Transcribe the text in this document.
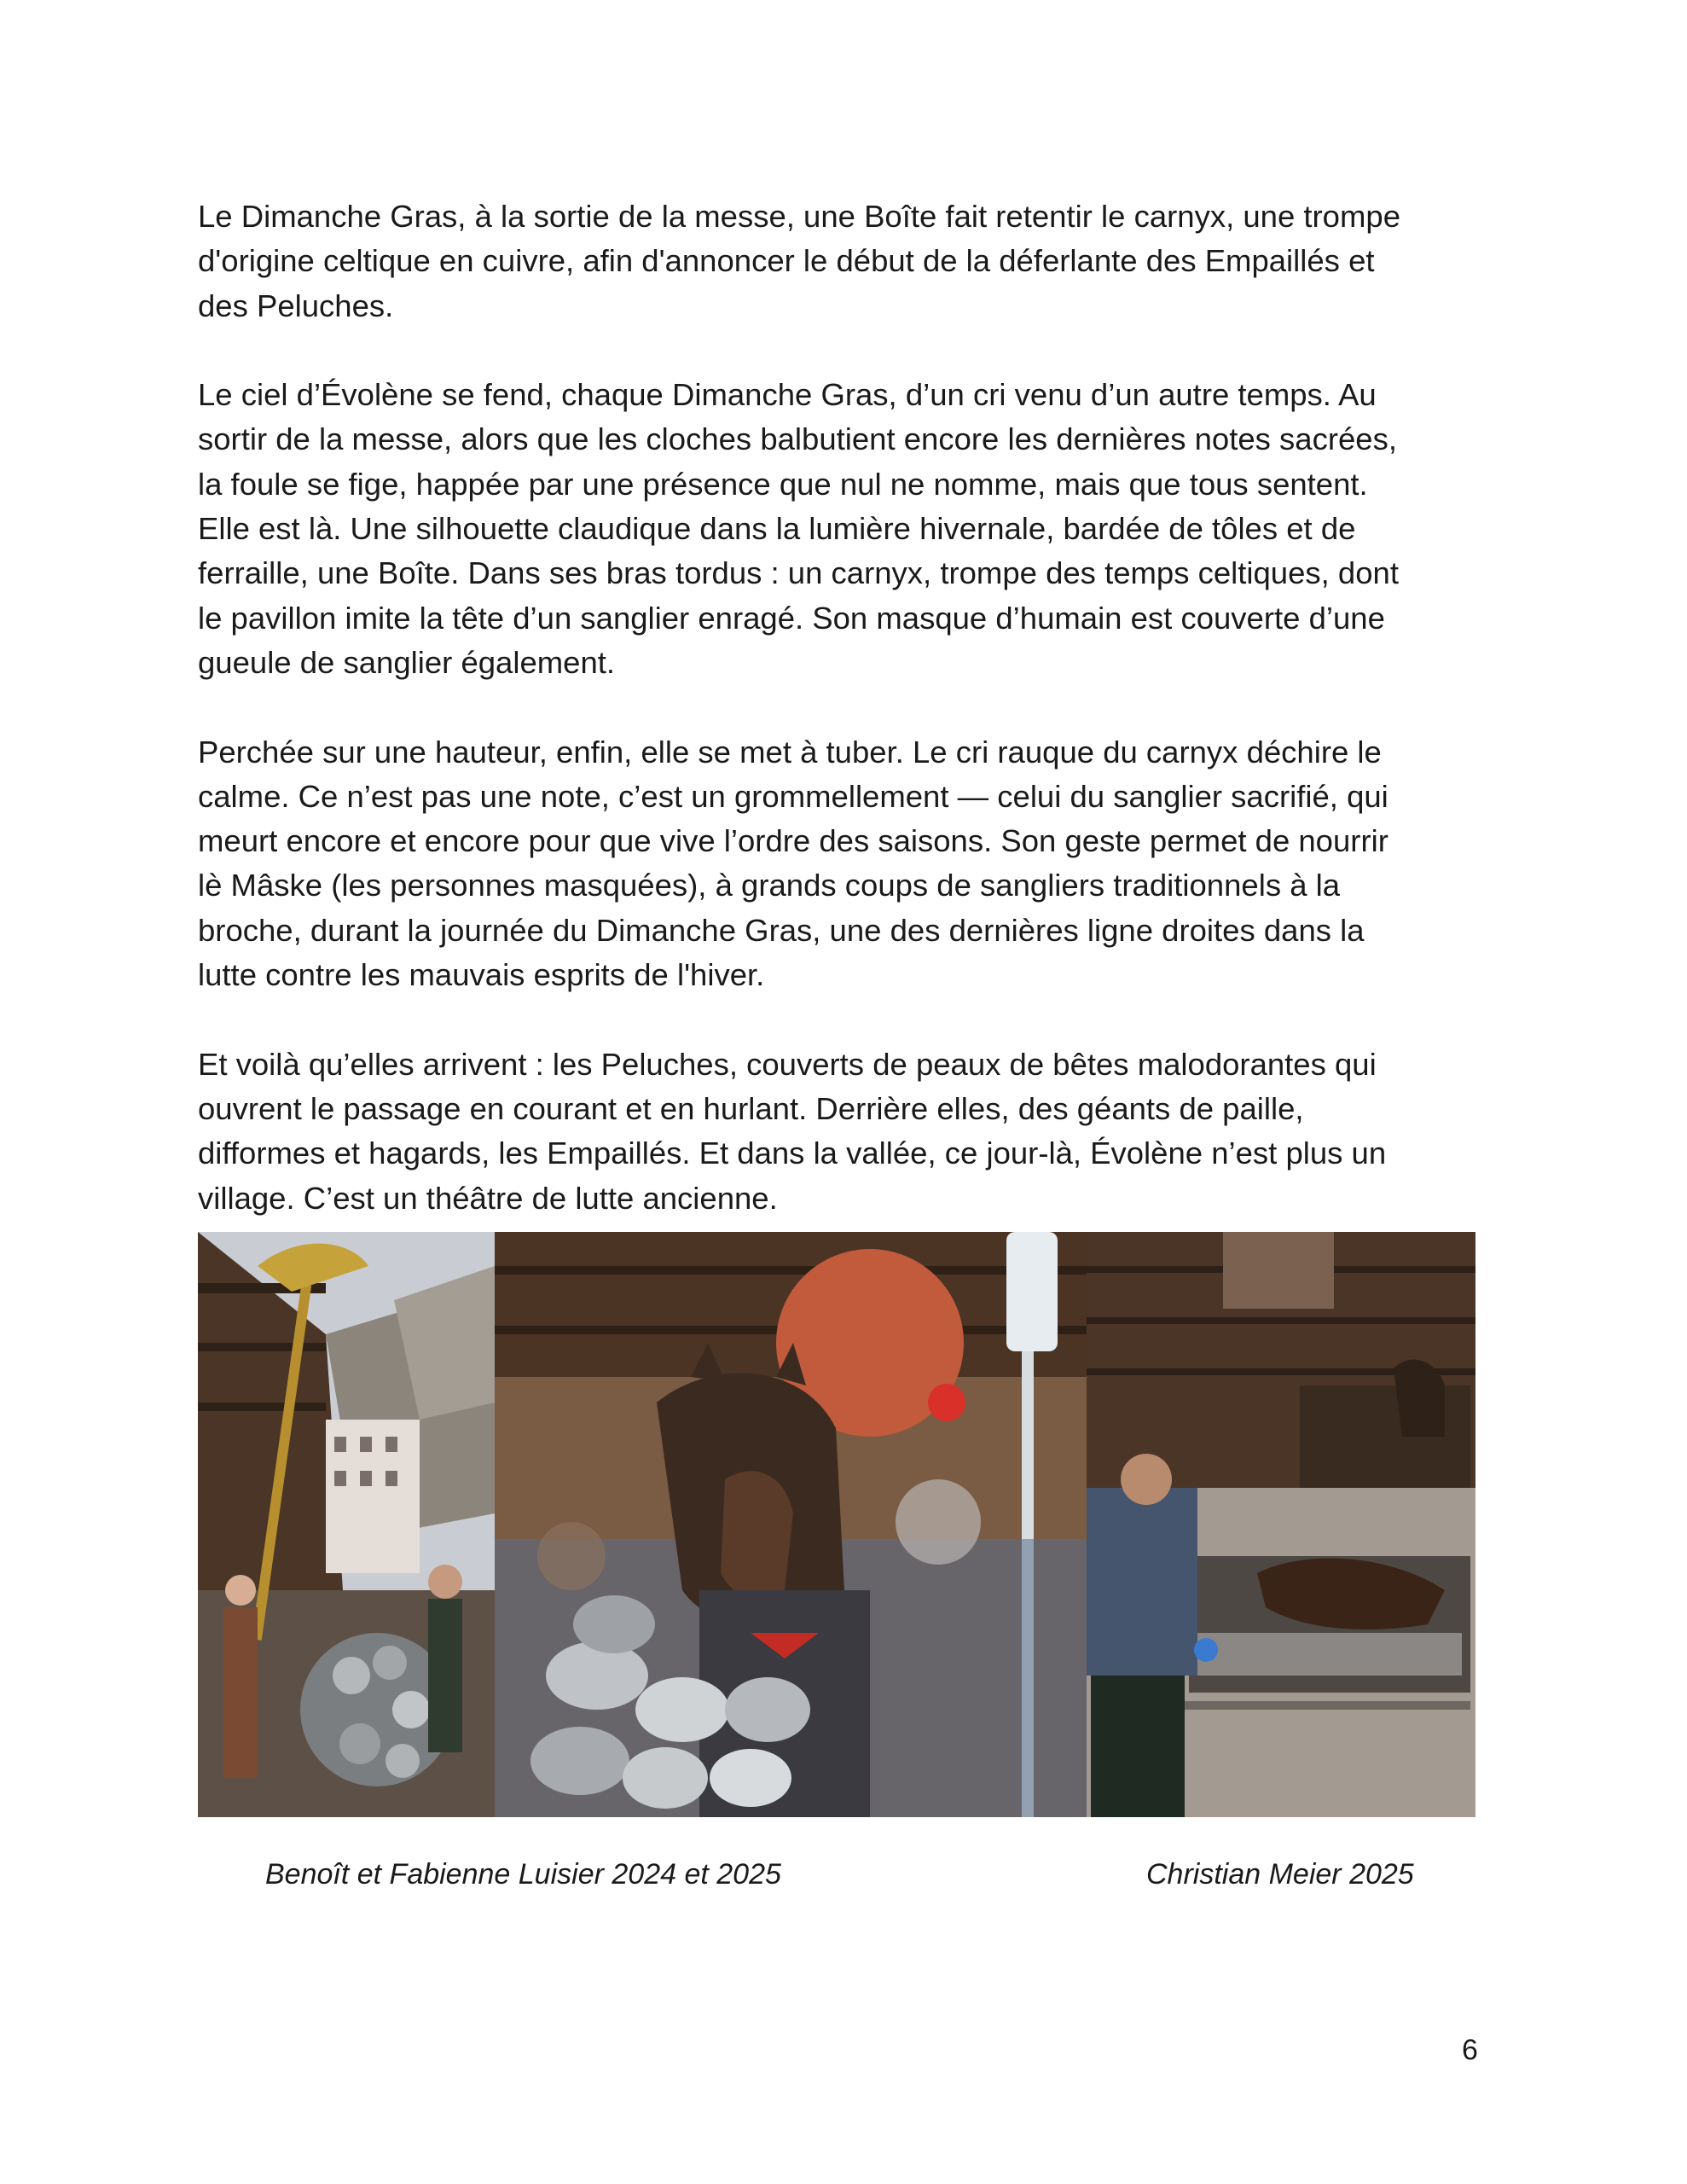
Le Dimanche Gras, à la sortie de la messe, une Boîte fait retentir le carnyx, une trompe
d'origine celtique en cuivre, afin d'annoncer le début de la déferlante des Empaillés et
des Peluches.

Le ciel d’Évolène se fend, chaque Dimanche Gras, d’un cri venu d’un autre temps. Au
sortir de la messe, alors que les cloches balbutient encore les dernières notes sacrées,
la foule se fige, happée par une présence que nul ne nomme, mais que tous sentent.
Elle est là. Une silhouette claudique dans la lumière hivernale, bardée de tôles et de
ferraille, une Boîte. Dans ses bras tordus : un carnyx, trompe des temps celtiques, dont
le pavillon imite la tête d’un sanglier enragé. Son masque d’humain est couverte d’une
gueule de sanglier également.

Perchée sur une hauteur, enfin, elle se met à tuber. Le cri rauque du carnyx déchire le
calme. Ce n’est pas une note, c’est un grommellement — celui du sanglier sacrifié, qui
meurt encore et encore pour que vive l’ordre des saisons. Son geste permet de nourrir
lè Mâske (les personnes masquées), à grands coups de sangliers traditionnels à la
broche, durant la journée du Dimanche Gras, une des dernières ligne droites dans la
lutte contre les mauvais esprits de l'hiver.

Et voilà qu’elles arrivent : les Peluches, couverts de peaux de bêtes malodorantes qui
ouvrent le passage en courant et en hurlant. Derrière elles, des géants de paille,
difformes et hagards, les Empaillés. Et dans la vallée, ce jour-là, Évolène n’est plus un
village. C’est un théâtre de lutte ancienne.

Benoît et Fabienne Luisier 2024 et 2025	Christian Meier 2025
6
